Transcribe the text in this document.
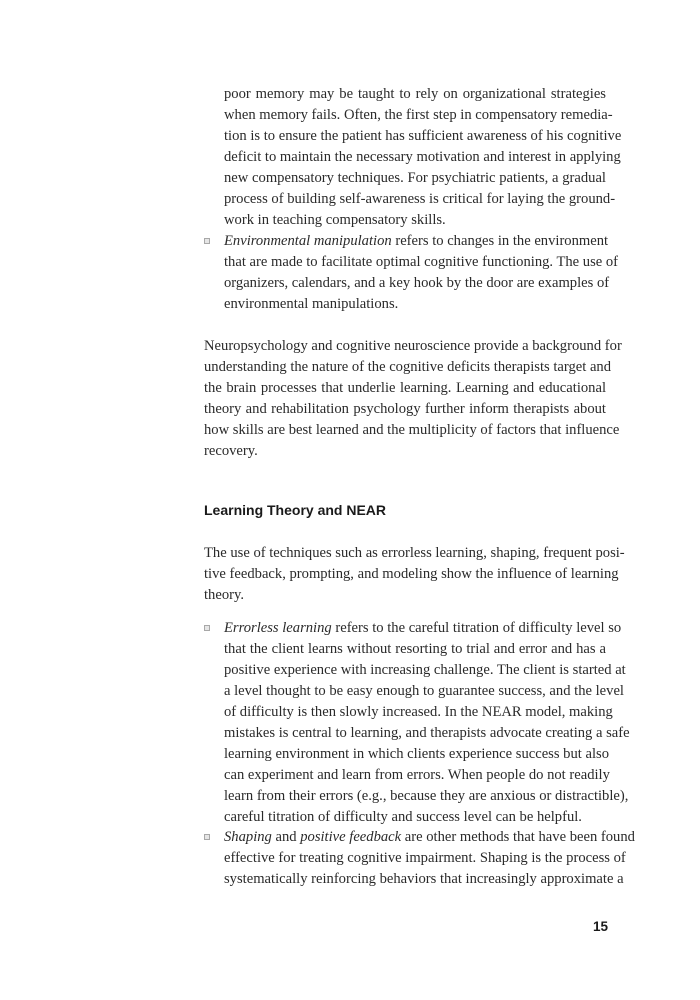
poor memory may be taught to rely on organizational strategies
when memory fails. Often, the first step in compensatory remedia-
tion is to ensure the patient has sufficient awareness of his cognitive
deficit to maintain the necessary motivation and interest in applying
new compensatory techniques. For psychiatric patients, a gradual
process of building self-awareness is critical for laying the ground-
work in teaching compensatory skills.
Environmental manipulation refers to changes in the environment
that are made to facilitate optimal cognitive functioning. The use of
organizers, calendars, and a key hook by the door are examples of
environmental manipulations.
Neuropsychology and cognitive neuroscience provide a background for
understanding the nature of the cognitive deficits therapists target and
the brain processes that underlie learning. Learning and educational
theory and rehabilitation psychology further inform therapists about
how skills are best learned and the multiplicity of factors that influence
recovery.
Learning Theory and NEAR
The use of techniques such as errorless learning, shaping, frequent posi-
tive feedback, prompting, and modeling show the influence of learning
theory.
Errorless learning refers to the careful titration of difficulty level so
that the client learns without resorting to trial and error and has a
positive experience with increasing challenge. The client is started at
a level thought to be easy enough to guarantee success, and the level
of difficulty is then slowly increased. In the NEAR model, making
mistakes is central to learning, and therapists advocate creating a safe
learning environment in which clients experience success but also
can experiment and learn from errors. When people do not readily
learn from their errors (e.g., because they are anxious or distractible),
careful titration of difficulty and success level can be helpful.
Shaping and positive feedback are other methods that have been found
effective for treating cognitive impairment. Shaping is the process of
systematically reinforcing behaviors that increasingly approximate a
15
